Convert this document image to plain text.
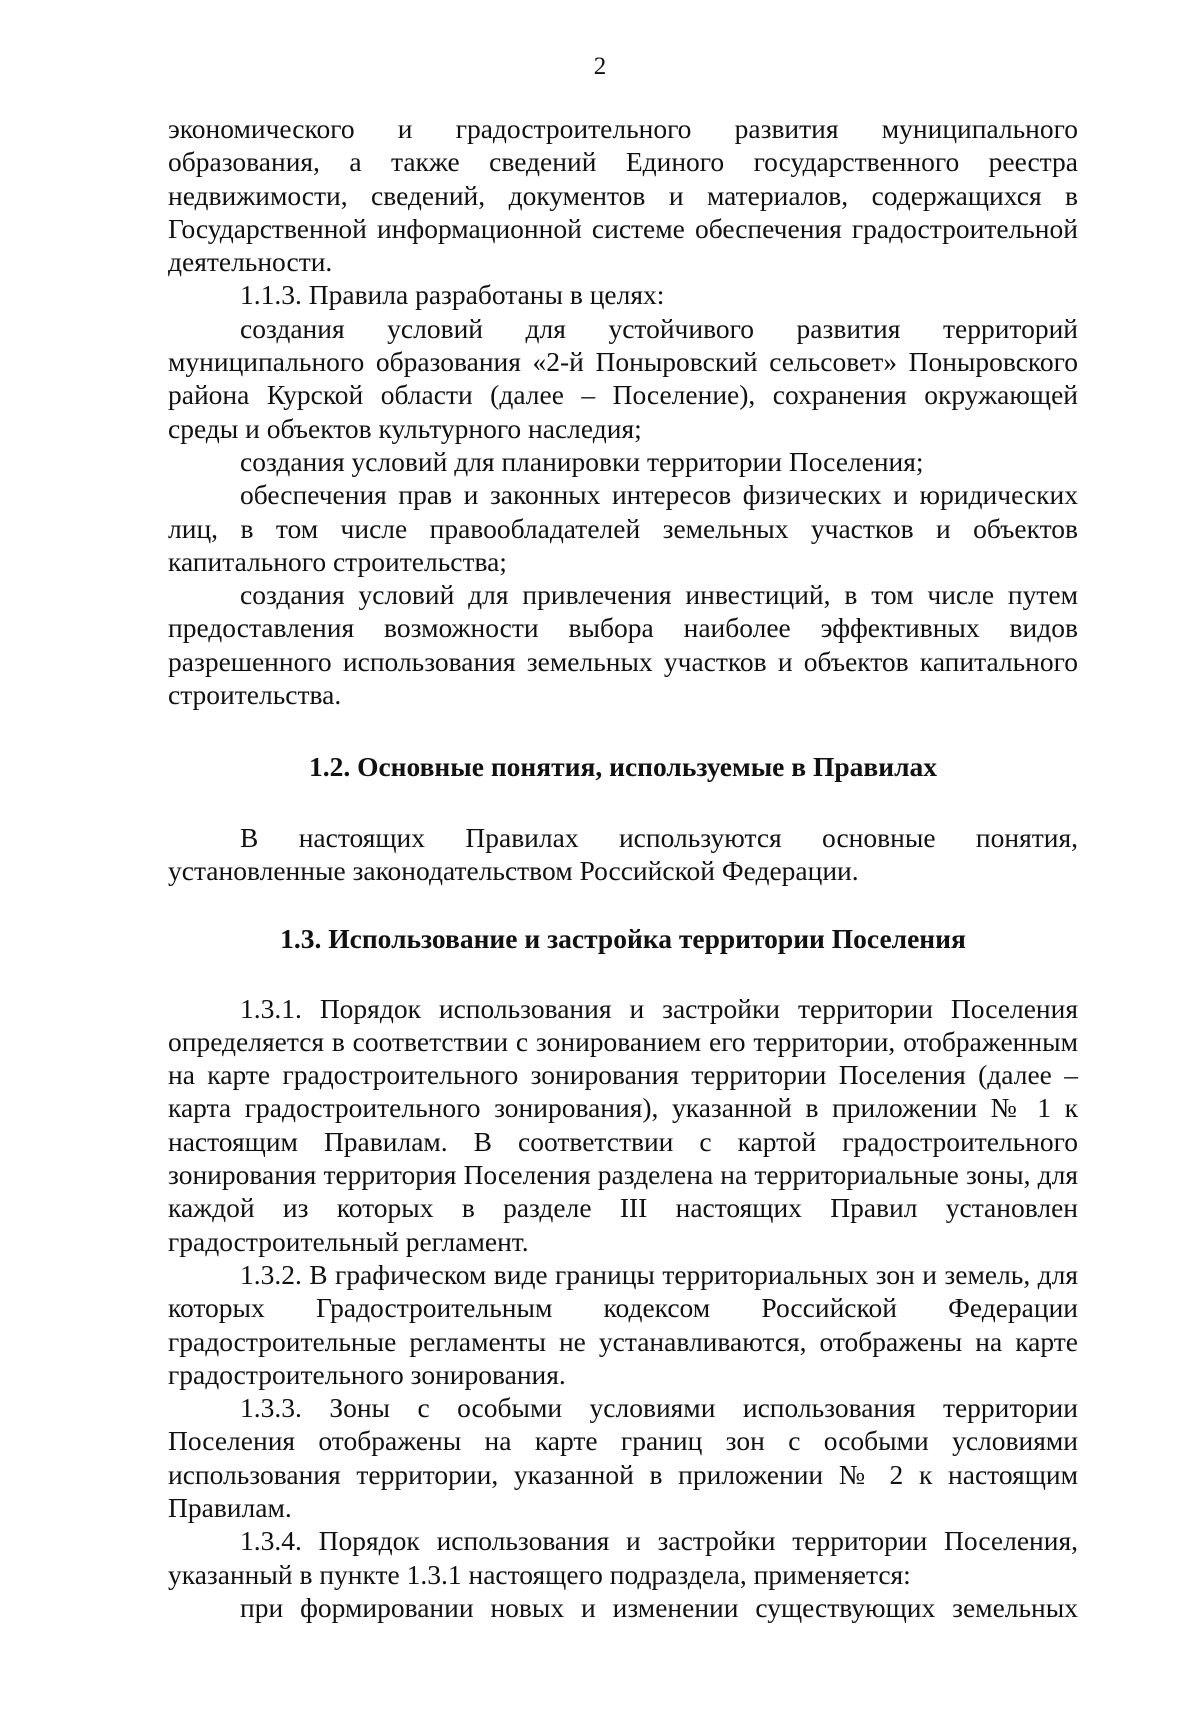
2

экономического и градостроительного развития муниципального образования, а также сведений Единого государственного реестра недвижимости, сведений, документов и материалов, содержащихся в Государственной информационной системе обеспечения градостроительной деятельности.

1.1.3. Правила разработаны в целях:

создания условий для устойчивого развития территорий муниципального образования «2-й Поныровский сельсовет» Поныровского района Курской области (далее – Поселение), сохранения окружающей среды и объектов культурного наследия;

создания условий для планировки территории Поселения;

обеспечения прав и законных интересов физических и юридических лиц, в том числе правообладателей земельных участков и объектов капитального строительства;

создания условий для привлечения инвестиций, в том числе путем предоставления возможности выбора наиболее эффективных видов разрешенного использования земельных участков и объектов капитального строительства.

1.2. Основные понятия, используемые в Правилах

В настоящих Правилах используются основные понятия, установленные законодательством Российской Федерации.

1.3. Использование и застройка территории Поселения

1.3.1. Порядок использования и застройки территории Поселения определяется в соответствии с зонированием его территории, отображенным на карте градостроительного зонирования территории Поселения (далее – карта градостроительного зонирования), указанной в приложении № 1 к настоящим Правилам. В соответствии с картой градостроительного зонирования территория Поселения разделена на территориальные зоны, для каждой из которых в разделе III настоящих Правил установлен градостроительный регламент.

1.3.2. В графическом виде границы территориальных зон и земель, для которых Градостроительным кодексом Российской Федерации градостроительные регламенты не устанавливаются, отображены на карте градостроительного зонирования.

1.3.3. Зоны с особыми условиями использования территории Поселения отображены на карте границ зон с особыми условиями использования территории, указанной в приложении № 2 к настоящим Правилам.

1.3.4. Порядок использования и застройки территории Поселения, указанный в пункте 1.3.1 настоящего подраздела, применяется:

при формировании новых и изменении существующих земельных
